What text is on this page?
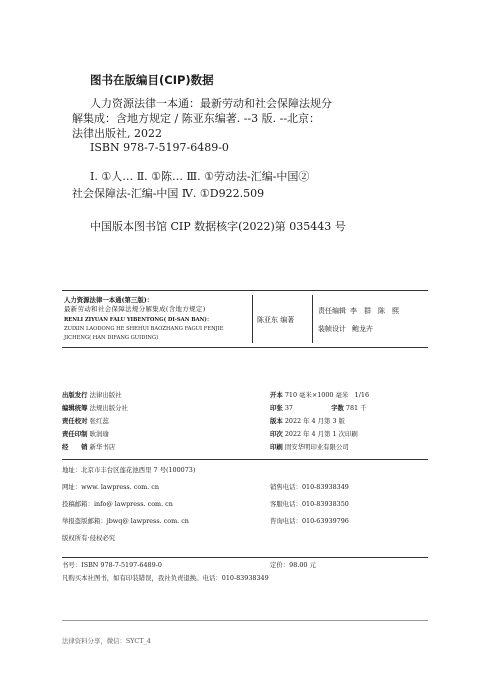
图书在版编目(CIP)数据
人力资源法律一本通：最新劳动和社会保障法规分
解集成：含地方规定 / 陈亚东编著. --3 版. --北京：
法律出版社, 2022
ISBN 978-7-5197-6489-0
Ⅰ. ①人… Ⅱ. ①陈… Ⅲ. ①劳动法-汇编-中国②
社会保障法-汇编-中国 Ⅳ. ①D922.509
中国版本图书馆 CIP 数据核字(2022)第 035443 号
人力资源法律一本通(第三版)：
最新劳动和社会保障法规分解集成(含地方规定)
RENLI ZIYUAN FALU YIBENTONG( DI-SAN BAN)：
ZUIXIN LAODONG HE SHEHUI BAOZHANG FAGUI FENJIE
JICHENG( HAN DIFANG GUIDING)
陈亚东 编著
责任编辑 李　群　陈　熙
装帧设计 鲍龙卉
出版发行 法律出版社
编辑统筹 法规出版分社
责任校对 张红蕊
责任印制 耿润瑜
经　　销 新华书店
开本 710 毫米×1000 毫米　1/16
印张 37	字数 781 千
版本 2022 年 4 月第 3 版
印次 2022 年 4 月第 1 次印刷
印刷 固安华明印业有限公司
地址：北京市丰台区莲花池西里 7 号(100073)
网址：www. lawpress. com. cn
投稿邮箱：info@ lawpress. com. cn
举报盗版邮箱：jbwq@ lawpress. com. cn
版权所有·侵权必究
销售电话：010-83938349
客服电话：010-83938350
咨询电话：010-63939796
书号：ISBN 978-7-5197-6489-0	定价：98.00 元
凡购买本社图书，如有印装错误，我社负责退换。电话：010-83938349
法律资料分享，微信：SYCT_4
